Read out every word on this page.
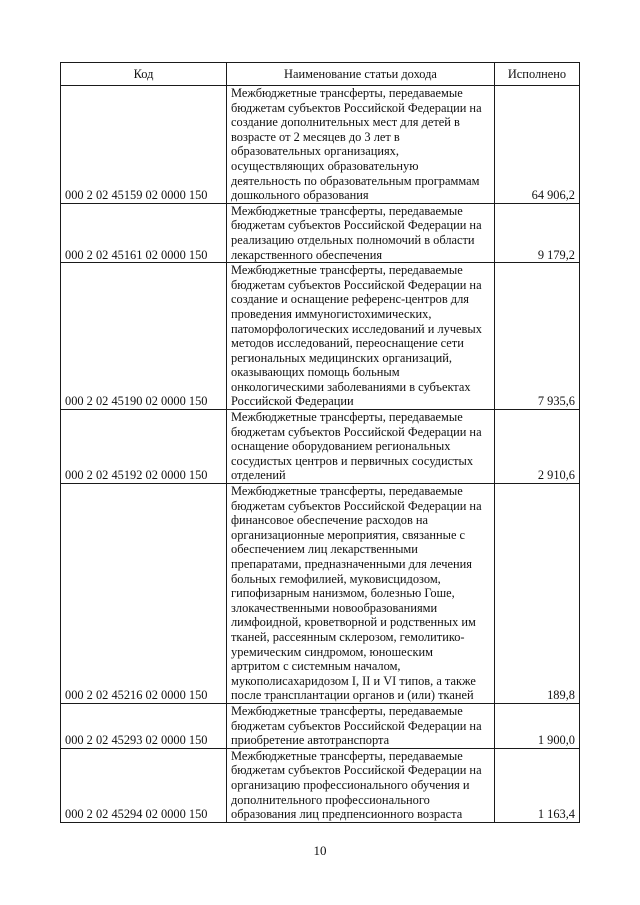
Код	Наименование статьи дохода	Исполнено
000 2 02 45159 02 0000 150	Межбюджетные трансферты, передаваемые бюджетам субъектов Российской Федерации на создание дополнительных мест для детей в возрасте от 2 месяцев до 3 лет в образовательных организациях, осуществляющих образовательную деятельность по образовательным программам дошкольного образования	64 906,2
000 2 02 45161 02 0000 150	Межбюджетные трансферты, передаваемые бюджетам субъектов Российской Федерации на реализацию отдельных полномочий в области лекарственного обеспечения	9 179,2
000 2 02 45190 02 0000 150	Межбюджетные трансферты, передаваемые бюджетам субъектов Российской Федерации на создание и оснащение референс-центров для проведения иммуногистохимических, патоморфологических исследований и лучевых методов исследований, переоснащение сети региональных медицинских организаций, оказывающих помощь больным онкологическими заболеваниями в субъектах Российской Федерации	7 935,6
000 2 02 45192 02 0000 150	Межбюджетные трансферты, передаваемые бюджетам субъектов Российской Федерации на оснащение оборудованием региональных сосудистых центров и первичных сосудистых отделений	2 910,6
000 2 02 45216 02 0000 150	Межбюджетные трансферты, передаваемые бюджетам субъектов Российской Федерации на финансовое обеспечение расходов на организационные мероприятия, связанные с обеспечением лиц лекарственными препаратами, предназначенными для лечения больных гемофилией, муковисцидозом, гипофизарным нанизмом, болезнью Гоше, злокачественными новообразованиями лимфоидной, кроветворной и родственных им тканей, рассеянным склерозом, гемолитико-уремическим синдромом, юношеским артритом с системным началом, мукополисахаридозом I, II и VI типов, а также после трансплантации органов и (или) тканей	189,8
000 2 02 45293 02 0000 150	Межбюджетные трансферты, передаваемые бюджетам субъектов Российской Федерации на приобретение автотранспорта	1 900,0
000 2 02 45294 02 0000 150	Межбюджетные трансферты, передаваемые бюджетам субъектов Российской Федерации на организацию профессионального обучения и дополнительного профессионального образования лиц предпенсионного возраста	1 163,4
10
